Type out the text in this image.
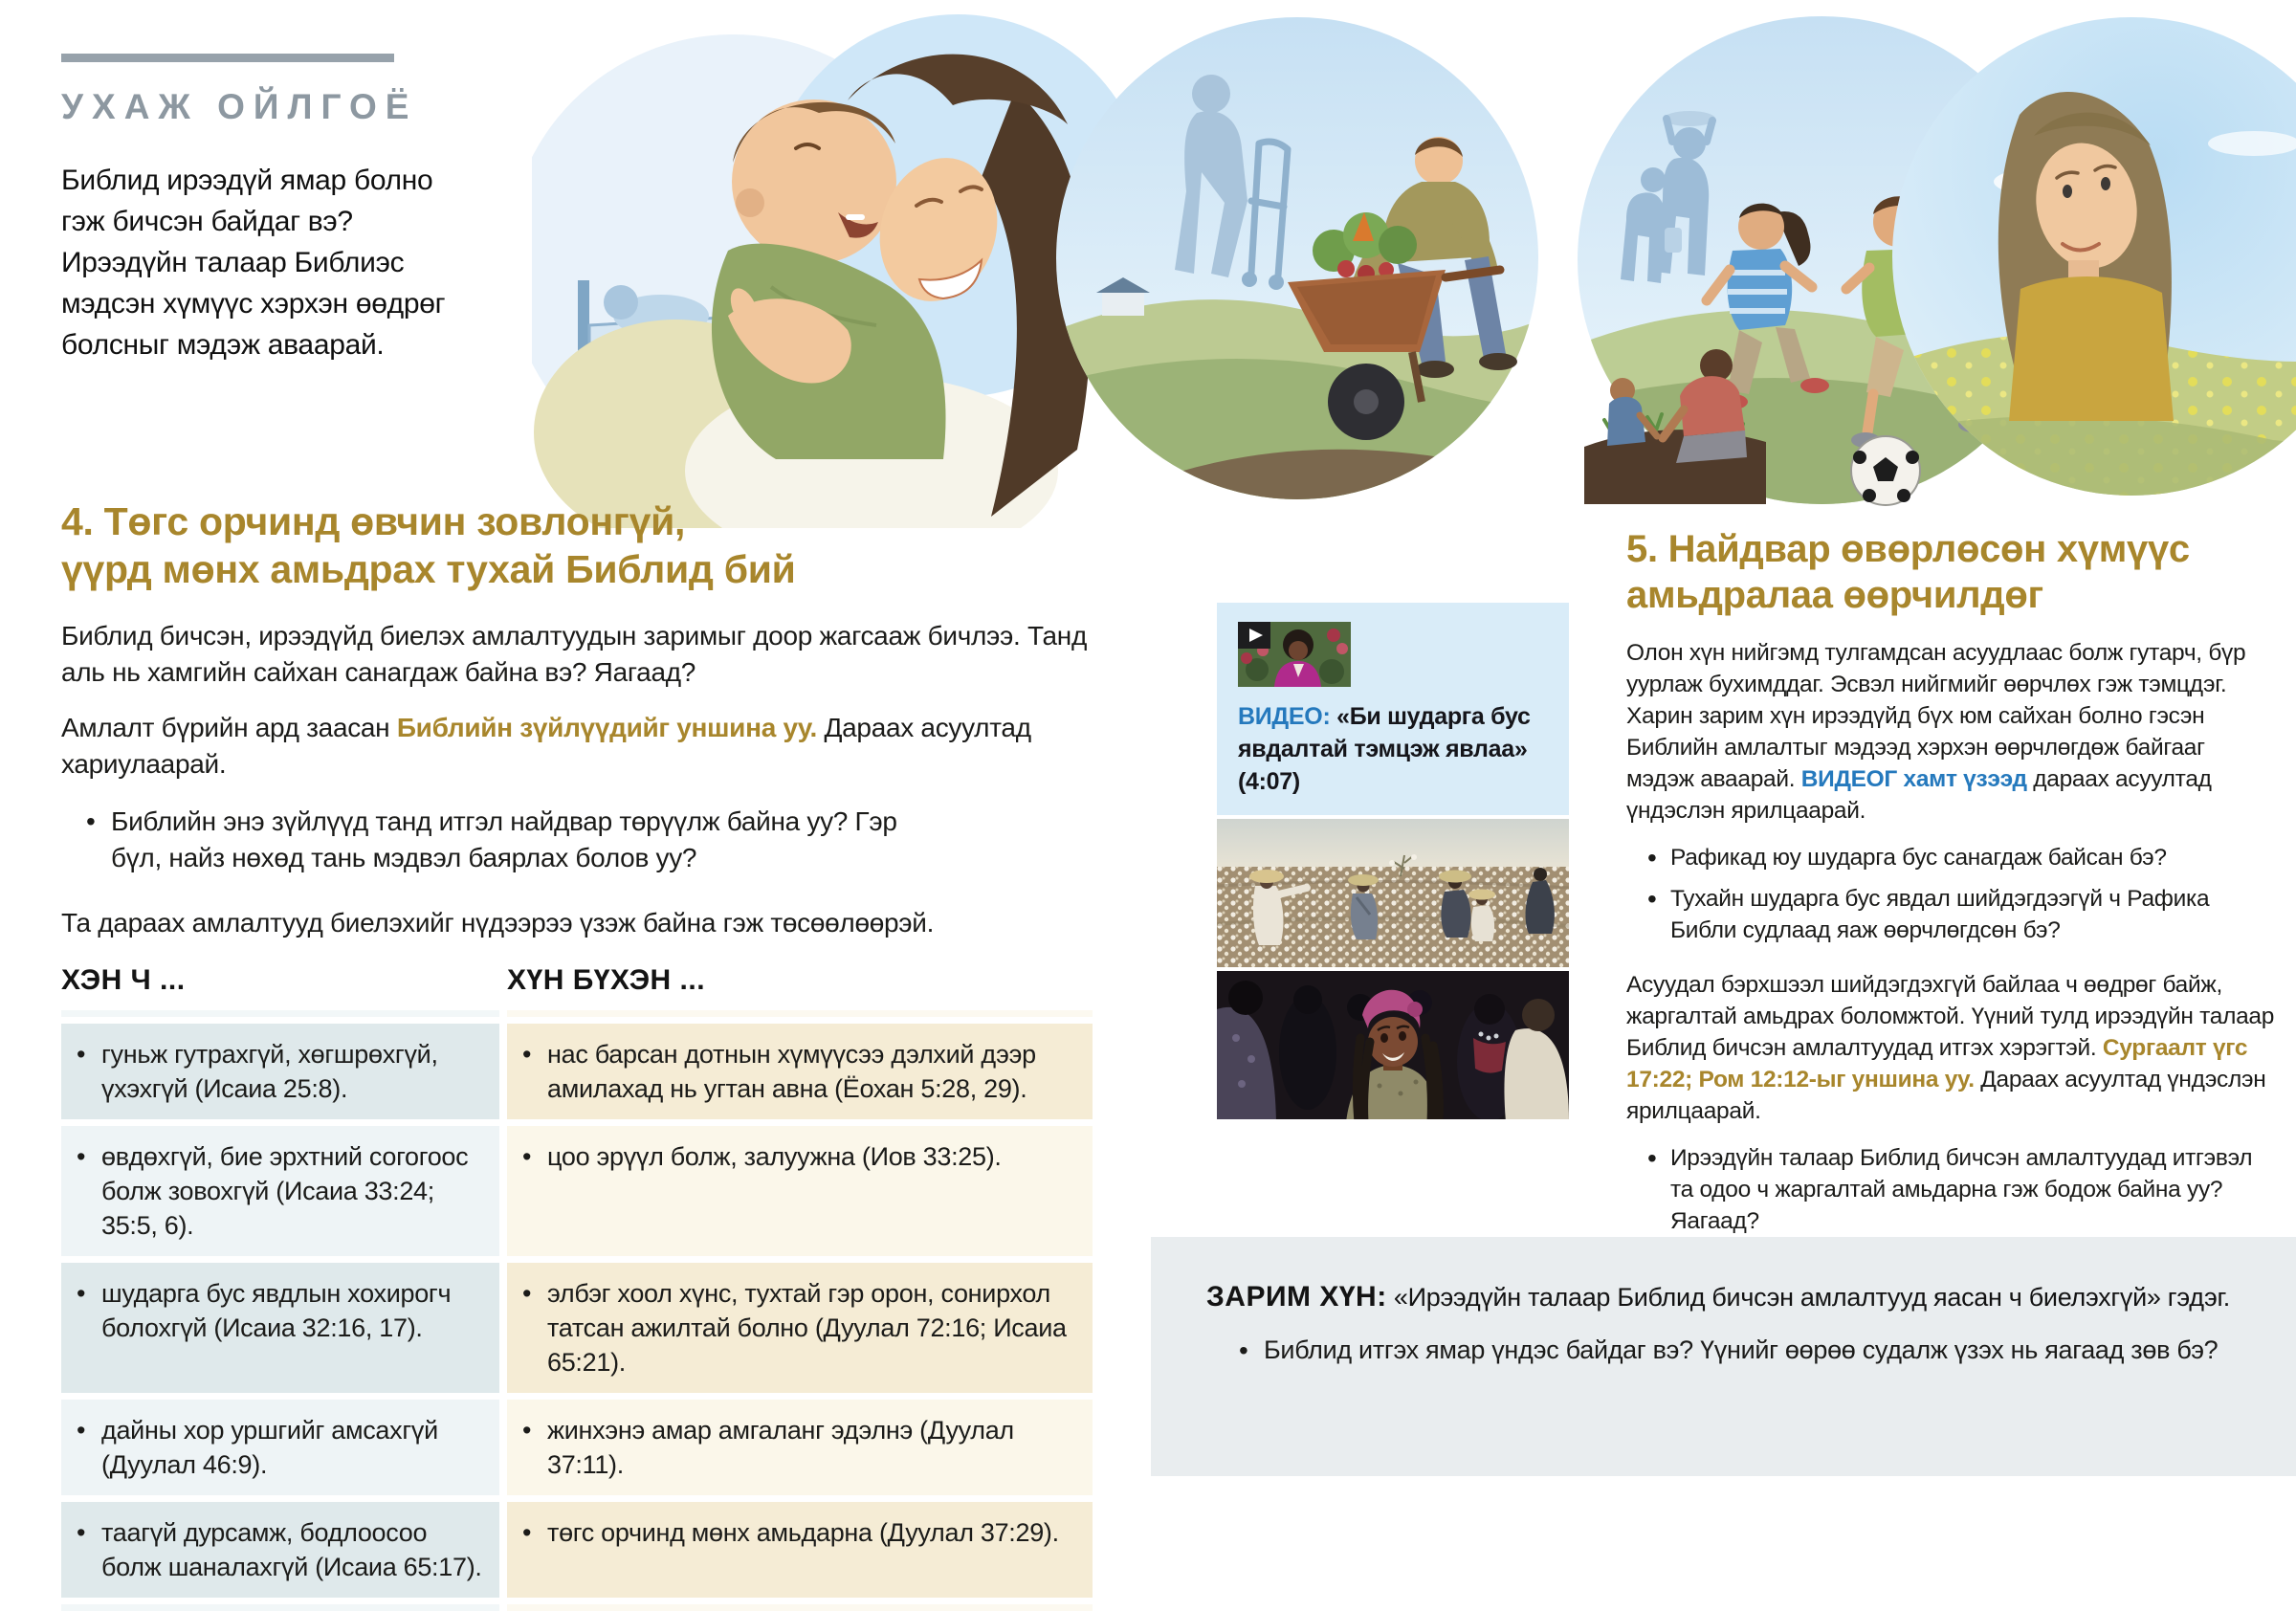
УХАЖ ОЙЛГОЁ

Библид ирээдүй ямар болно гэж бичсэн байдаг вэ? Ирээдүйн талаар Библиэс мэдсэн хүмүүс хэрхэн өөдрөг болсныг мэдэж аваарай.

4. Төгс орчинд өвчин зовлонгүй,
үүрд мөнх амьдрах тухай Библид бий

Библид бичсэн, ирээдүйд биелэх амлалтуудын заримыг доор жагсааж бичлээ. Танд аль нь хамгийн сайхан санагдаж байна вэ? Яагаад?

Амлалт бүрийн ард заасан Библийн зүйлүүдийг уншина уу. Дараах асуултад хариулаарай.

• Библийн энэ зүйлүүд танд итгэл найдвар төрүүлж байна уу? Гэр бүл, найз нөхөд тань мэдвэл баярлах болов уу?

Та дараах амлалтууд биелэхийг нүдээрээ үзэж байна гэж төсөөлөөрэй.

ХЭН Ч ...	ХҮН БҮХЭН ...
• гуньж гутрахгүй, хөгшрөхгүй, үхэхгүй (Исаиа 25:8).
• нас барсан дотнын хүмүүсээ дэлхий дээр амилахад нь угтан авна (Ёохан 5:28, 29).
• өвдөхгүй, бие эрхтний согогоос болж зовохгүй (Исаиа 33:24; 35:5, 6).
• цоо эрүүл болж, залуужна (Иов 33:25).
• шударга бус явдлын хохирогч болохгүй (Исаиа 32:16, 17).
• элбэг хоол хүнс, тухтай гэр орон, сонирхол татсан ажилтай болно (Дуулал 72:16; Исаиа 65:21).
• дайны хор уршгийг амсахгүй (Дуулал 46:9).
• жинхэнэ амар амгаланг эдэлнэ (Дуулал 37:11).
• таагүй дурсамж, бодлоосоо болж шаналахгүй (Исаиа 65:17).
• төгс орчинд мөнх амьдарна (Дуулал 37:29).
ВИДЕО: «Би шударга бус явдалтай тэмцэж явлаа» (4:07)
5. Найдвар өвөрлөсөн хүмүүс амьдралаа өөрчилдөг

Олон хүн нийгэмд тулгамдсан асуудлаас болж гутарч, бүр уурлаж бухимддаг. Эсвэл нийгмийг өөрчлөх гэж тэмцдэг. Харин зарим хүн ирээдүйд бүх юм сайхан болно гэсэн Библийн амлалтыг мэдээд хэрхэн өөрчлөгдөж байгааг мэдэж аваарай. ВИДЕОГ хамт үзээд дараах асуултад үндэслэн ярилцаарай.

• Рафикад юу шударга бус санагдаж байсан бэ?
• Тухайн шударга бус явдал шийдэгдээгүй ч Рафика Библи судлаад яаж өөрчлөгдсөн бэ?

Асуудал бэрхшээл шийдэгдэхгүй байлаа ч өөдрөг байж, жаргалтай амьдрах боломжтой. Үүний тулд ирээдүйн талаар Библид бичсэн амлалтуудад итгэх хэрэгтэй. Сургаалт үгс 17:22; Ром 12:12-ыг уншина уу. Дараах асуултад үндэслэн ярилцаарай.

• Ирээдүйн талаар Библид бичсэн амлалтуудад итгэвэл та одоо ч жаргалтай амьдарна гэж бодож байна уу? Яагаад?
ЗАРИМ ХҮН: «Ирээдүйн талаар Библид бичсэн амлалтууд яасан ч биелэхгүй» гэдэг.
• Библид итгэх ямар үндэс байдаг вэ? Үүнийг өөрөө судалж үзэх нь яагаад зөв бэ?
